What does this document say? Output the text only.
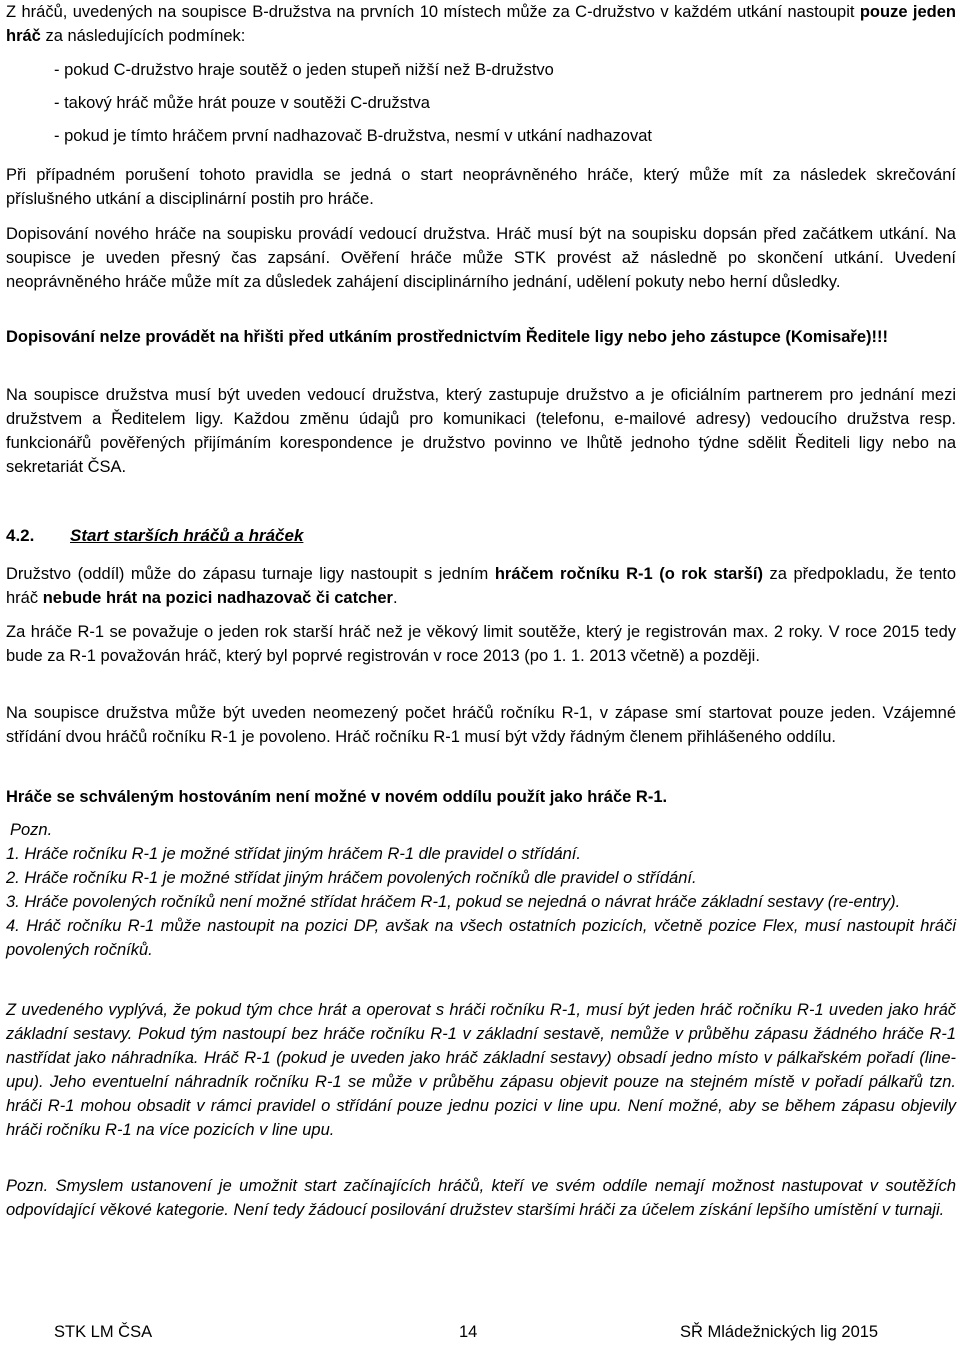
Z hráčů, uvedených na soupisce B-družstva na prvních 10 místech může za C-družstvo v každém utkání nastoupit pouze jeden hráč za následujících podmínek:

- pokud C-družstvo hraje soutěž o jeden stupeň nižší než B-družstvo

- takový hráč může hrát pouze v soutěži C-družstva

- pokud je tímto hráčem první nadhazovač B-družstva, nesmí v utkání nadhazovat

Při případném porušení tohoto pravidla se jedná o start neoprávněného hráče, který může mít za následek skrečování příslušného utkání a disciplinární postih pro hráče.

Dopisování nového hráče na soupisku provádí vedoucí družstva. Hráč musí být na soupisku dopsán před začátkem utkání. Na soupisce je uveden přesný čas zapsání. Ověření hráče může STK provést až následně po skončení utkání. Uvedení neoprávněného hráče může mít za důsledek zahájení disciplinárního jednání, udělení pokuty nebo herní důsledky.

Dopisování nelze provádět na hřišti před utkáním prostřednictvím Ředitele ligy nebo jeho zástupce (Komisaře)!!!

Na soupisce družstva musí být uveden vedoucí družstva, který zastupuje družstvo a je oficiálním partnerem pro jednání mezi družstvem a Ředitelem ligy. Každou změnu údajů pro komunikaci (telefonu, e-mailové adresy) vedoucího družstva resp. funkcionářů pověřených přijímáním korespondence je družstvo povinno ve lhůtě jednoho týdne sdělit Řediteli ligy nebo na sekretariát ČSA.

4.2. Start starších hráčů a hráček

Družstvo (oddíl) může do zápasu turnaje ligy nastoupit s jedním hráčem ročníku R-1 (o rok starší) za předpokladu, že tento hráč nebude hrát na pozici nadhazovač či catcher.

Za hráče R-1 se považuje o jeden rok starší hráč než je věkový limit soutěže, který je registrován max. 2 roky. V roce 2015 tedy bude za R-1 považován hráč, který byl poprvé registrován v roce 2013 (po 1. 1. 2013 včetně) a později.

Na soupisce družstva může být uveden neomezený počet hráčů ročníku R-1, v zápase smí startovat pouze jeden. Vzájemné střídání dvou hráčů ročníku R-1 je povoleno. Hráč ročníku R-1 musí být vždy řádným členem přihlášeného oddílu.

Hráče se schváleným hostováním není možné v novém oddílu použít jako hráče R-1.

Pozn.

1. Hráče ročníku R-1 je možné střídat jiným hráčem R-1 dle pravidel o střídání.

2. Hráče ročníku R-1 je možné střídat jiným hráčem povolených ročníků dle pravidel o střídání.

3. Hráče povolených ročníků není možné střídat hráčem R-1, pokud se nejedná o návrat hráče základní sestavy (re-entry).

4. Hráč ročníku R-1 může nastoupit na pozici DP, avšak na všech ostatních pozicích, včetně pozice Flex, musí nastoupit hráči povolených ročníků.

Z uvedeného vyplývá, že pokud tým chce hrát a operovat s hráči ročníku R-1, musí být jeden hráč ročníku R-1 uveden jako hráč základní sestavy. Pokud tým nastoupí bez hráče ročníku R-1 v základní sestavě, nemůže v průběhu zápasu žádného hráče R-1 nastřídat jako náhradníka. Hráč R-1 (pokud je uveden jako hráč základní sestavy) obsadí jedno místo v pálkařském pořadí (line-upu). Jeho eventuelní náhradník ročníku R-1 se může v průběhu zápasu objevit pouze na stejném místě v pořadí pálkařů tzn. hráči R-1 mohou obsadit v rámci pravidel o střídání pouze jednu pozici v line upu. Není možné, aby se během zápasu objevily hráči ročníku R-1 na více pozicích v line upu.

Pozn. Smyslem ustanovení je umožnit start začínajících hráčů, kteří ve svém oddíle nemají možnost nastupovat v soutěžích odpovídající věkové kategorie. Není tedy žádoucí posilování družstev staršími hráči za účelem získání lepšího umístění v turnaji.

STK LM ČSA	14	SŘ Mládežnických lig 2015
